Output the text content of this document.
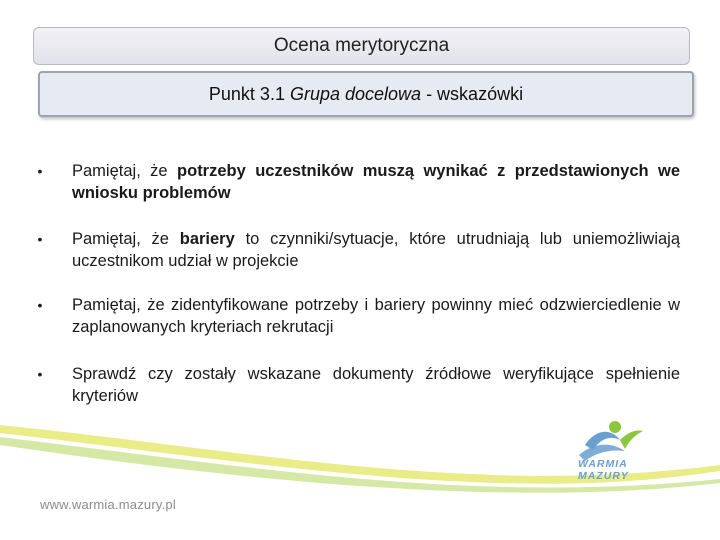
Ocena merytoryczna
Punkt 3.1 Grupa docelowa - wskazówki
•	Pamiętaj, że potrzeby uczestników muszą wynikać z przedstawionych we wniosku problemów
•	Pamiętaj, że bariery to czynniki/sytuacje, które utrudniają lub uniemożliwiają uczestnikom udział w projekcie
•	Pamiętaj, że zidentyfikowane potrzeby i bariery powinny mieć odzwierciedlenie w zaplanowanych kryteriach rekrutacji
•	Sprawdź czy zostały wskazane dokumenty źródłowe weryfikujące spełnienie kryteriów
WARMIA
MAZURY
www.warmia.mazury.pl
